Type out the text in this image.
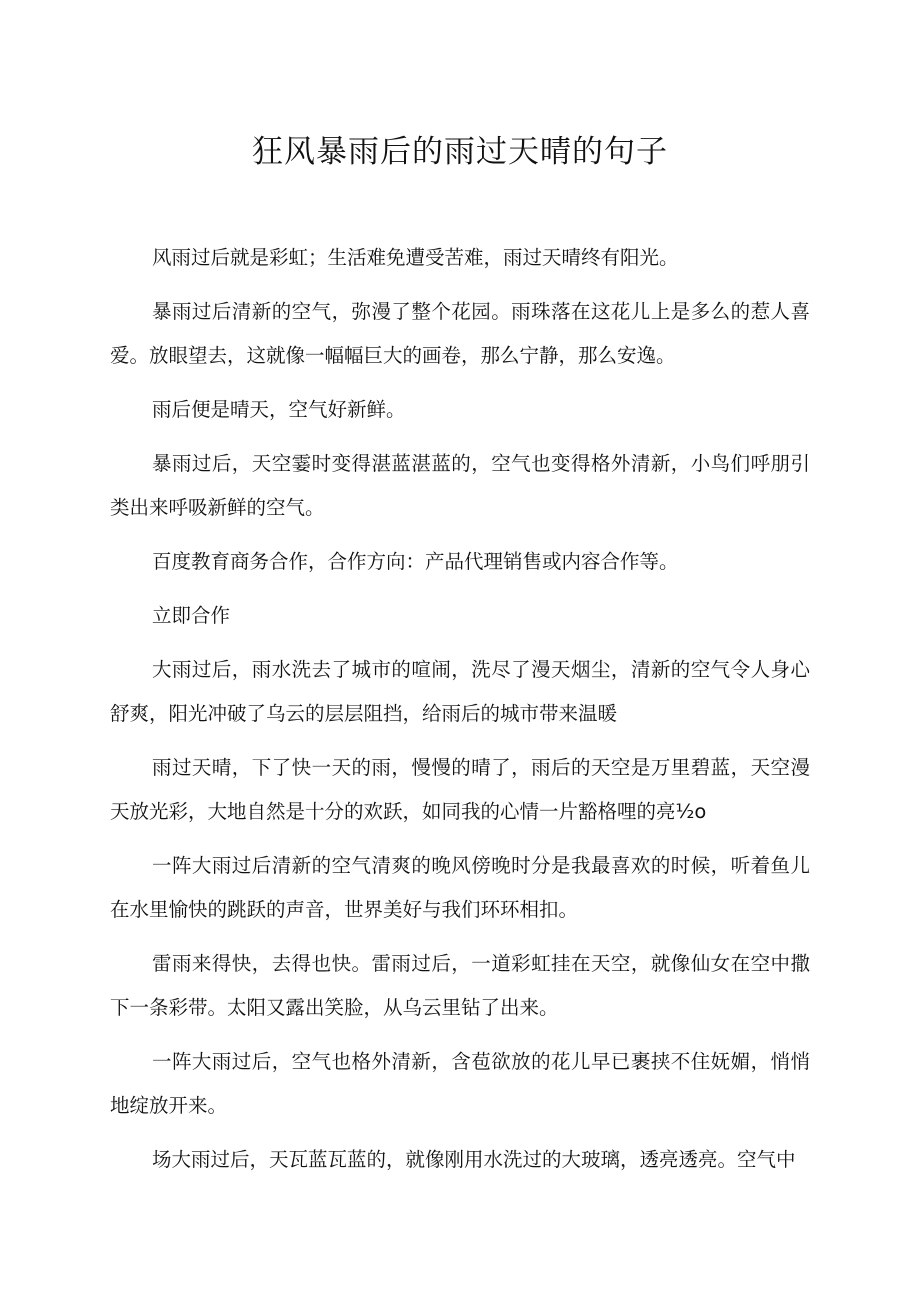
狂风暴雨后的雨过天晴的句子

风雨过后就是彩虹；生活难免遭受苦难，雨过天晴终有阳光。

暴雨过后清新的空气，弥漫了整个花园。雨珠落在这花儿上是多么的惹人喜爱。放眼望去，这就像一幅幅巨大的画卷，那么宁静，那么安逸。

雨后便是晴天，空气好新鲜。

暴雨过后，天空霎时变得湛蓝湛蓝的，空气也变得格外清新，小鸟们呼朋引类出来呼吸新鲜的空气。

百度教育商务合作，合作方向：产品代理销售或内容合作等。

立即合作

大雨过后，雨水洗去了城市的喧闹，洗尽了漫天烟尘，清新的空气令人身心舒爽，阳光冲破了乌云的层层阻挡，给雨后的城市带来温暖

雨过天晴，下了快一天的雨，慢慢的晴了，雨后的天空是万里碧蓝，天空漫天放光彩，大地自然是十分的欢跃，如同我的心情一片豁格哩的亮½o

一阵大雨过后清新的空气清爽的晚风傍晚时分是我最喜欢的时候，听着鱼儿在水里愉快的跳跃的声音，世界美好与我们环环相扣。

雷雨来得快，去得也快。雷雨过后，一道彩虹挂在天空，就像仙女在空中撒下一条彩带。太阳又露出笑脸，从乌云里钻了出来。

一阵大雨过后，空气也格外清新，含苞欲放的花儿早已裹挟不住妩媚，悄悄地绽放开来。

场大雨过后，天瓦蓝瓦蓝的，就像刚用水洗过的大玻璃，透亮透亮。空气中
